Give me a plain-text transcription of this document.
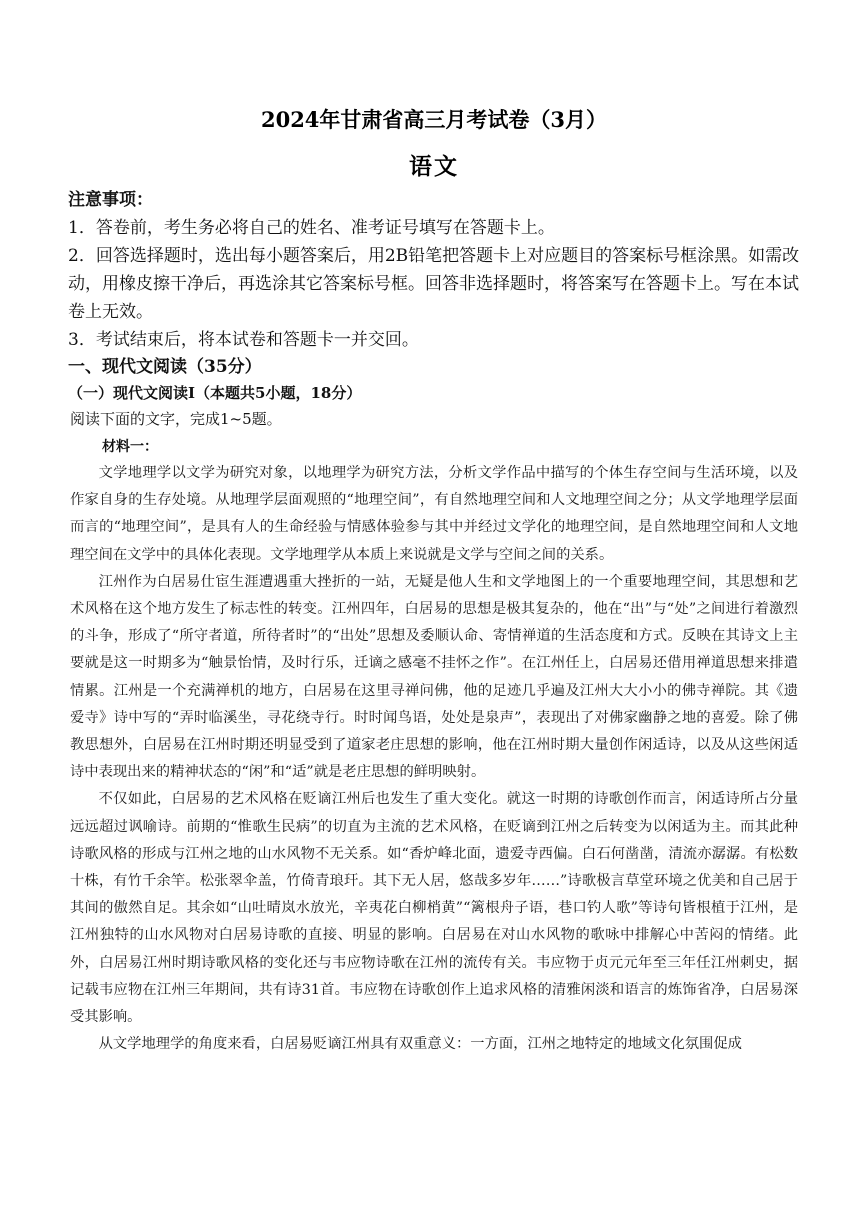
2024年甘肃省高三月考试卷（3月）
语文

注意事项：

1．答卷前，考生务必将自己的姓名、准考证号填写在答题卡上。

2．回答选择题时，选出每小题答案后，用2B铅笔把答题卡上对应题目的答案标号框涂黑。如需改动，用橡皮擦干净后，再选涂其它答案标号框。回答非选择题时，将答案写在答题卡上。写在本试卷上无效。

3．考试结束后，将本试卷和答题卡一并交回。

一、现代文阅读（35分）
（一）现代文阅读Ⅰ（本题共5小题，18分）
阅读下面的文字，完成1~5题。
材料一：

文学地理学以文学为研究对象，以地理学为研究方法，分析文学作品中描写的个体生存空间与生活环境，以及作家自身的生存处境。从地理学层面观照的“地理空间”，有自然地理空间和人文地理空间之分；从文学地理学层面而言的“地理空间”，是具有人的生命经验与情感体验参与其中并经过文学化的地理空间，是自然地理空间和人文地理空间在文学中的具体化表现。文学地理学从本质上来说就是文学与空间之间的关系。

江州作为白居易仕宦生涯遭遇重大挫折的一站，无疑是他人生和文学地图上的一个重要地理空间，其思想和艺术风格在这个地方发生了标志性的转变。江州四年，白居易的思想是极其复杂的，他在“出”与“处”之间进行着激烈的斗争，形成了“所守者道，所待者时”的“出处”思想及委顺认命、寄情禅道的生活态度和方式。反映在其诗文上主要就是这一时期多为“触景怡情，及时行乐，迁谪之感毫不挂怀之作”。在江州任上，白居易还借用禅道思想来排遣情累。江州是一个充满禅机的地方，白居易在这里寻禅问佛，他的足迹几乎遍及江州大大小小的佛寺禅院。其《遗爱寺》诗中写的“弄时临溪坐，寻花绕寺行。时时闻鸟语，处处是泉声”，表现出了对佛家幽静之地的喜爱。除了佛教思想外，白居易在江州时期还明显受到了道家老庄思想的影响，他在江州时期大量创作闲适诗，以及从这些闲适诗中表现出来的精神状态的“闲”和“适”就是老庄思想的鲜明映射。

不仅如此，白居易的艺术风格在贬谪江州后也发生了重大变化。就这一时期的诗歌创作而言，闲适诗所占分量远远超过讽喻诗。前期的“惟歌生民病”的切直为主流的艺术风格，在贬谪到江州之后转变为以闲适为主。而其此种诗歌风格的形成与江州之地的山水风物不无关系。如“香炉峰北面，遗爱寺西偏。白石何凿凿，清流亦潺潺。有松数十株，有竹千余竿。松张翠伞盖，竹倚青琅玕。其下无人居，悠哉多岁年……”诗歌极言草堂环境之优美和自己居于其间的傲然自足。其余如“山吐晴岚水放光，辛夷花白柳梢黄”“篱根舟子语，巷口钓人歌”等诗句皆根植于江州，是江州独特的山水风物对白居易诗歌的直接、明显的影响。白居易在对山水风物的歌咏中排解心中苦闷的情绪。此外，白居易江州时期诗歌风格的变化还与韦应物诗歌在江州的流传有关。韦应物于贞元元年至三年任江州刺史，据记载韦应物在江州三年期间，共有诗31首。韦应物在诗歌创作上追求风格的清雅闲淡和语言的炼饰省净，白居易深受其影响。

从文学地理学的角度来看，白居易贬谪江州具有双重意义：一方面，江州之地特定的地域文化氛围促成
